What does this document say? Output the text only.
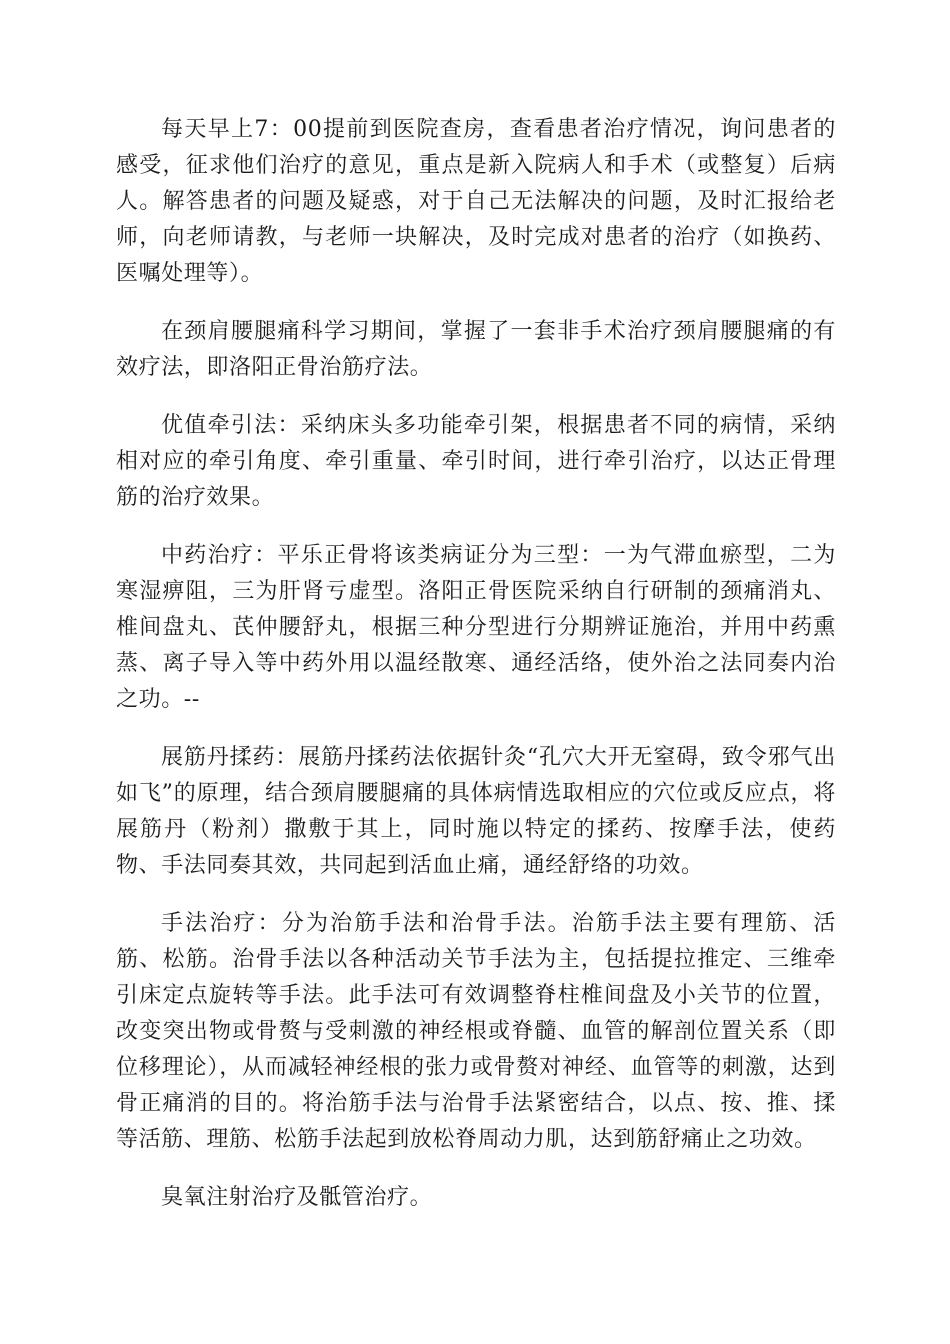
每天早上7：00提前到医院查房，查看患者治疗情况，询问患者的感受，征求他们治疗的意见，重点是新入院病人和手术（或整复）后病人。解答患者的问题及疑惑，对于自己无法解决的问题，及时汇报给老师，向老师请教，与老师一块解决，及时完成对患者的治疗（如换药、医嘱处理等）。

在颈肩腰腿痛科学习期间，掌握了一套非手术治疗颈肩腰腿痛的有效疗法，即洛阳正骨治筋疗法。

优值牵引法：采纳床头多功能牵引架，根据患者不同的病情，采纳相对应的牵引角度、牵引重量、牵引时间，进行牵引治疗，以达正骨理筋的治疗效果。

中药治疗：平乐正骨将该类病证分为三型：一为气滞血瘀型，二为寒湿痹阻，三为肝肾亏虚型。洛阳正骨医院采纳自行研制的颈痛消丸、椎间盘丸、芪仲腰舒丸，根据三种分型进行分期辨证施治，并用中药熏蒸、离子导入等中药外用以温经散寒、通经活络，使外治之法同奏内治之功。--

展筋丹揉药：展筋丹揉药法依据针灸“孔穴大开无窒碍，致令邪气出如飞”的原理，结合颈肩腰腿痛的具体病情选取相应的穴位或反应点，将展筋丹（粉剂）撒敷于其上，同时施以特定的揉药、按摩手法，使药物、手法同奏其效，共同起到活血止痛，通经舒络的功效。

手法治疗：分为治筋手法和治骨手法。治筋手法主要有理筋、活筋、松筋。治骨手法以各种活动关节手法为主，包括提拉推定、三维牵引床定点旋转等手法。此手法可有效调整脊柱椎间盘及小关节的位置，改变突出物或骨赘与受刺激的神经根或脊髓、血管的解剖位置关系（即位移理论），从而减轻神经根的张力或骨赘对神经、血管等的刺激，达到骨正痛消的目的。将治筋手法与治骨手法紧密结合，以点、按、推、揉等活筋、理筋、松筋手法起到放松脊周动力肌，达到筋舒痛止之功效。

臭氧注射治疗及骶管治疗。
